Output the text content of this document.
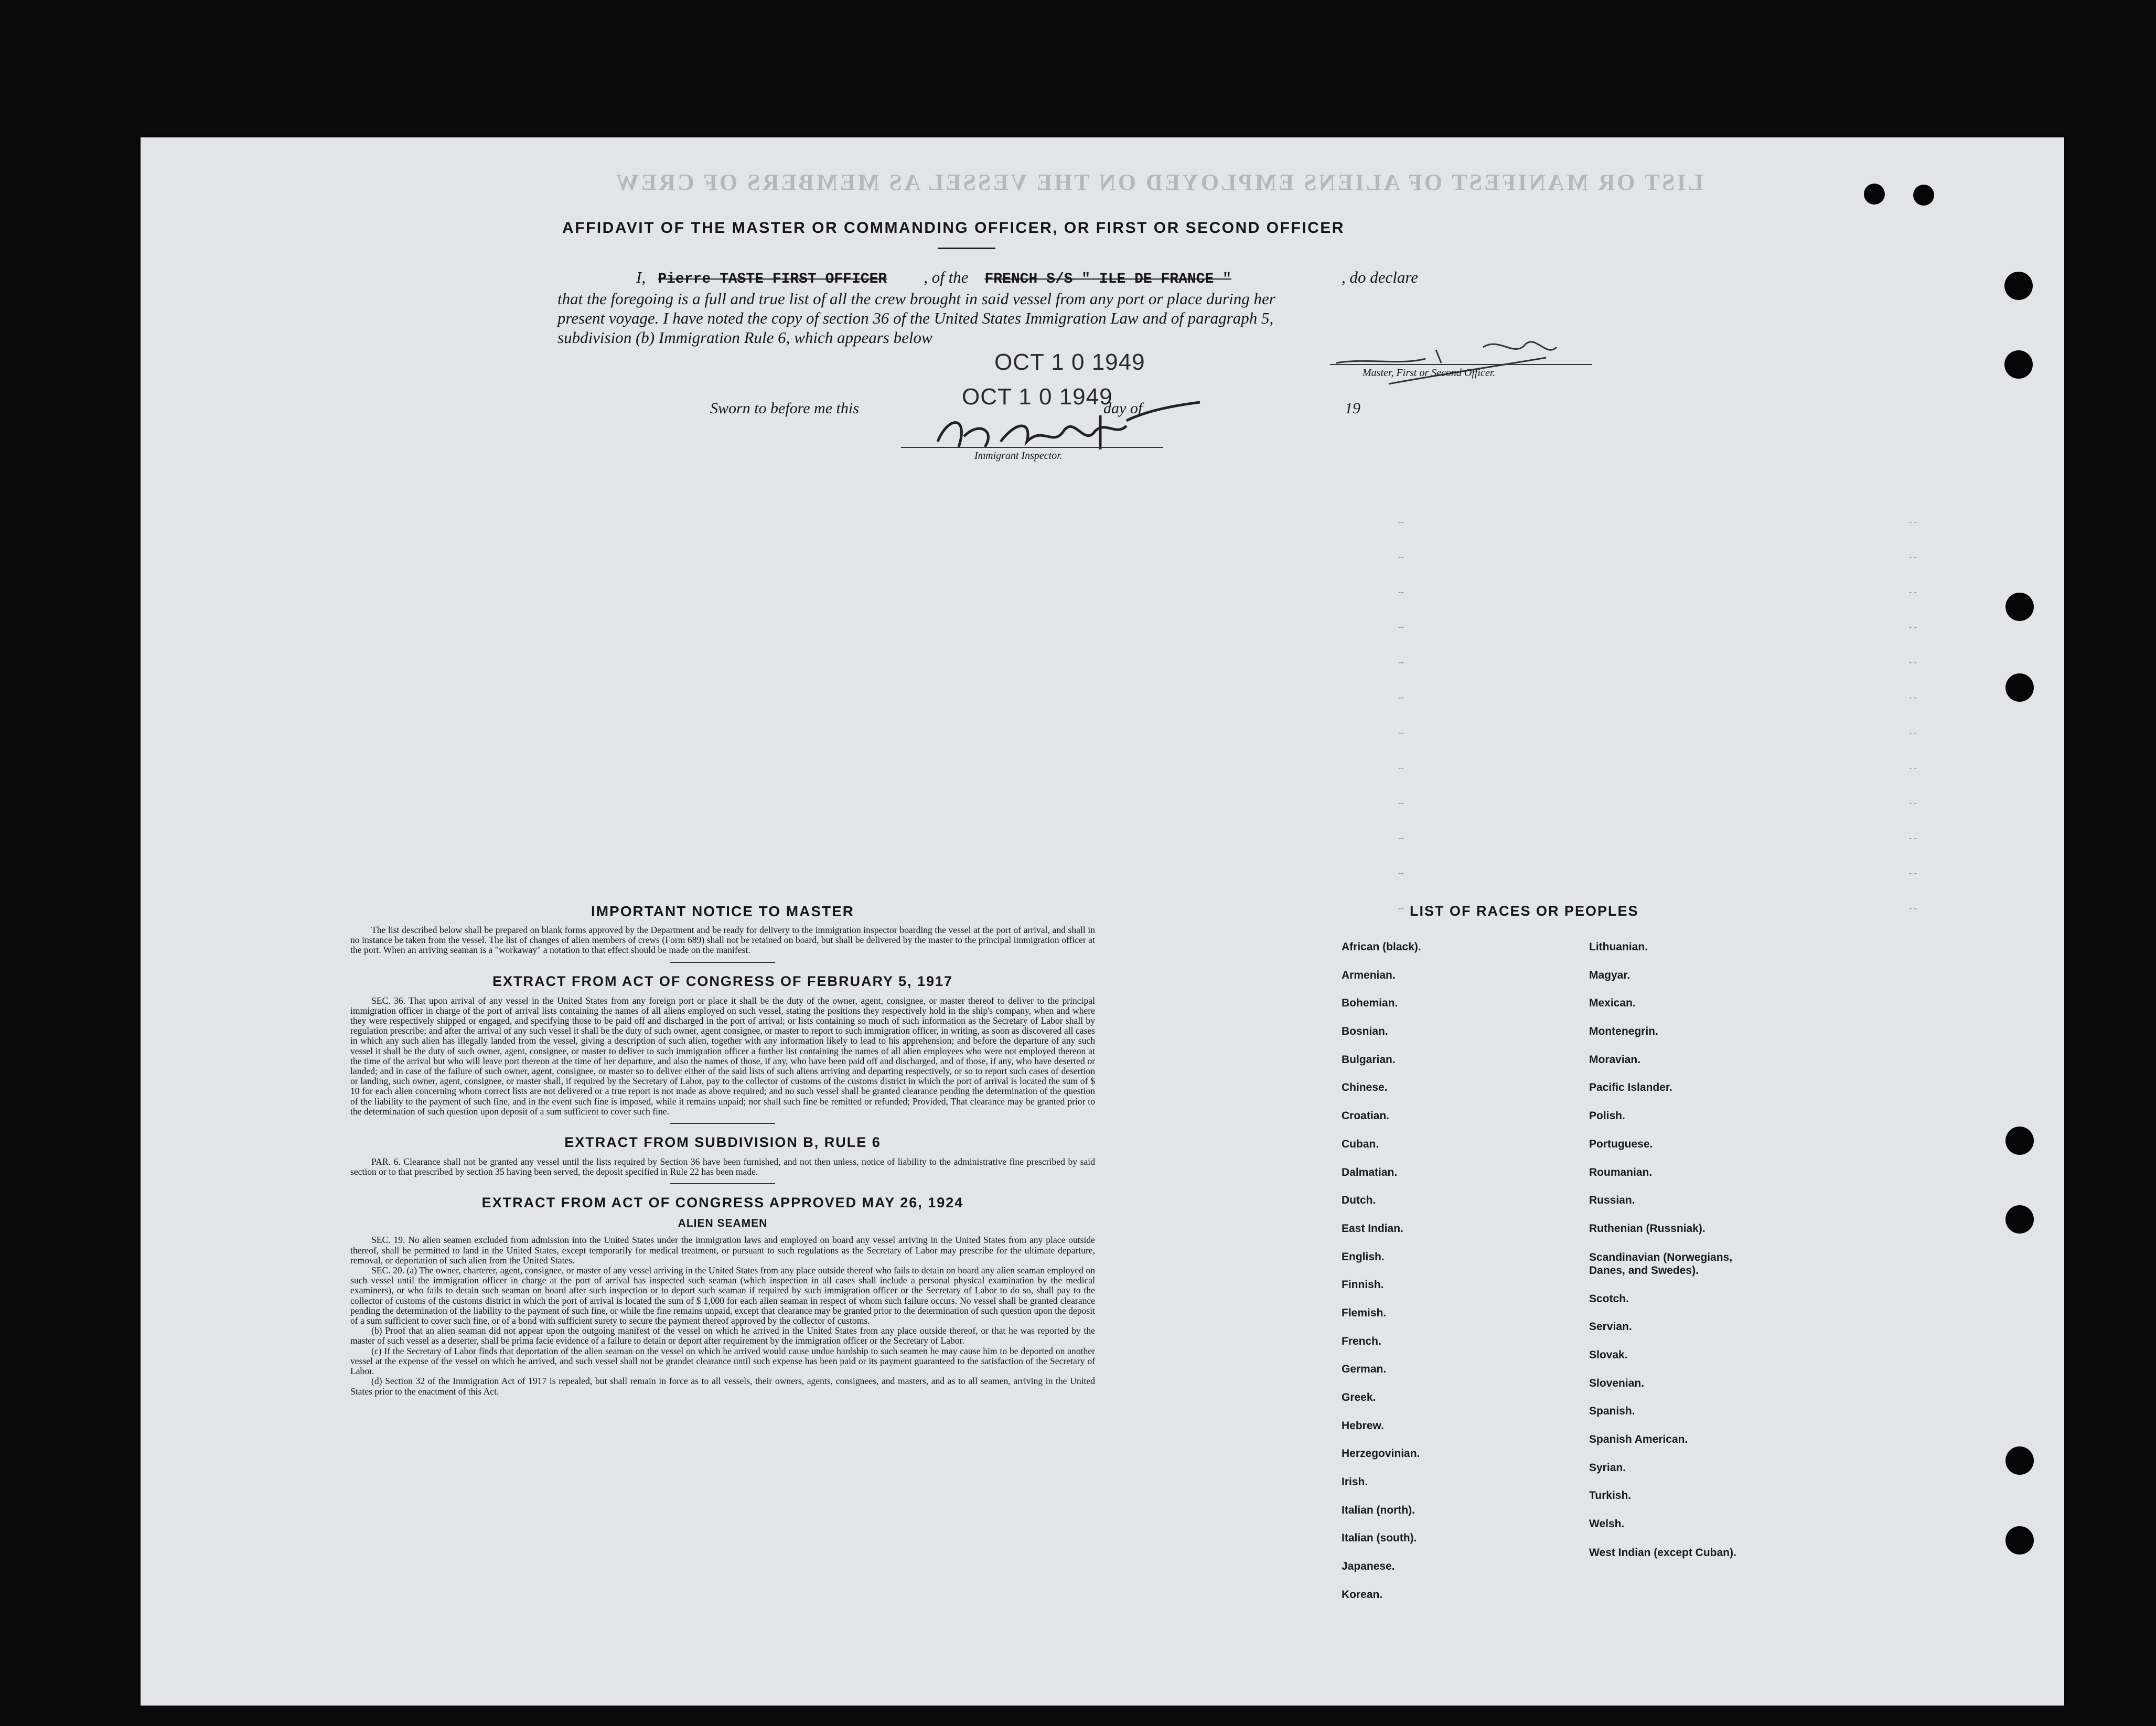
LIST OR MANIFEST OF ALIENS EMPLOYED ON THE VESSEL AS MEMBERS OF CREW
AFFIDAVIT OF THE MASTER OR COMMANDING OFFICER, OR FIRST OR SECOND OFFICER
I, Pierre TASTE FIRST OFFICER , of the FRENCH S/S " ILE DE FRANCE "	, do declare
that the foregoing is a full and true list of all the crew brought in said vessel from any port or place during her
present voyage. I have noted the copy of section 36 of the United States Immigration Law and of paragraph 5,
subdivision (b) Immigration Rule 6, which appears below
OCT 1 0 1949
OCT 1 0 1949
Master, First or Second Officer.
Sworn to before me this	day of	19
Immigrant Inspector.
--
--
--
--
--
--
--
--
--
--
--
--
- -
- -
- -
- -
- -
- -
- -
- -
- -
- -
- -
- -
IMPORTANT NOTICE TO MASTER

The list described below shall be prepared on blank forms approved by the Department and be ready for delivery to the immigration inspector boarding the vessel at the port of arrival, and shall in no instance be taken from the vessel. The list of changes of alien members of crews (Form 689) shall not be retained on board, but shall be delivered by the master to the principal immigration officer at the port. When an arriving seaman is a "workaway" a notation to that effect should be made on the manifest.

EXTRACT FROM ACT OF CONGRESS OF FEBRUARY 5, 1917

SEC. 36. That upon arrival of any vessel in the United States from any foreign port or place it shall be the duty of the owner, agent, consignee, or master thereof to deliver to the principal immigration officer in charge of the port of arrival lists containing the names of all aliens employed on such vessel, stating the positions they respectively hold in the ship's company, when and where they were respectively shipped or engaged, and specifying those to be paid off and discharged in the port of arrival; or lists containing so much of such information as the Secretary of Labor shall by regulation prescribe; and after the arrival of any such vessel it shall be the duty of such owner, agent consignee, or master to report to such immigration officer, in writing, as soon as discovered all cases in which any such alien has illegally landed from the vessel, giving a description of such alien, together with any information likely to lead to his apprehension; and before the departure of any such vessel it shall be the duty of such owner, agent, consignee, or master to deliver to such immigration officer a further list containing the names of all alien employees who were not employed thereon at the time of the arrival but who will leave port thereon at the time of her departure, and also the names of those, if any, who have been paid off and discharged, and of those, if any, who have deserted or landed; and in case of the failure of such owner, agent, consignee, or master so to deliver either of the said lists of such aliens arriving and departing respectively, or so to report such cases of desertion or landing, such owner, agent, consignee, or master shall, if required by the Secretary of Labor, pay to the collector of customs of the customs district in which the port of arrival is located the sum of $ 10 for each alien concerning whom correct lists are not delivered or a true report is not made as above required; and no such vessel shall be granted clearance pending the determination of the question of the liability to the payment of such fine, and in the event such fine is imposed, while it remains unpaid; nor shall such fine be remitted or refunded; Provided, That clearance may be granted prior to the determination of such question upon deposit of a sum sufficient to cover such fine.

EXTRACT FROM SUBDIVISION B, RULE 6

PAR. 6. Clearance shall not be granted any vessel until the lists required by Section 36 have been furnished, and not then unless, notice of liability to the administrative fine prescribed by said section or to that prescribed by section 35 having been served, the deposit specified in Rule 22 has been made.

EXTRACT FROM ACT OF CONGRESS APPROVED MAY 26, 1924
ALIEN SEAMEN

SEC. 19. No alien seamen excluded from admission into the United States under the immigration laws and employed on board any vessel arriving in the United States from any place outside thereof, shall be permitted to land in the United States, except temporarily for medical treatment, or pursuant to such regulations as the Secretary of Labor may prescribe for the ultimate departure, removal, or deportation of such alien from the United States.

SEC. 20. (a) The owner, charterer, agent, consignee, or master of any vessel arriving in the United States from any place outside thereof who fails to detain on board any alien seaman employed on such vessel until the immigration officer in charge at the port of arrival has inspected such seaman (which inspection in all cases shall include a personal physical examination by the medical examiners), or who fails to detain such seaman on board after such inspection or to deport such seaman if required by such immigration officer or the Secretary of Labor to do so, shall pay to the collector of customs of the customs district in which the port of arrival is located the sum of $ 1,000 for each alien seaman in respect of whom such failure occurs. No vessel shall be granted clearance pending the determination of the liability to the payment of such fine, or while the fine remains unpaid, except that clearance may be granted prior to the determination of such question upon the deposit of a sum sufficient to cover such fine, or of a bond with sufficient surety to secure the payment thereof approved by the collector of customs.

(b) Proof that an alien seaman did not appear upon the outgoing manifest of the vessel on which he arrived in the United States from any place outside thereof, or that he was reported by the master of such vessel as a deserter, shall be prima facie evidence of a failure to detain or deport after requirement by the immigration officer or the Secretary of Labor.

(c) If the Secretary of Labor finds that deportation of the alien seaman on the vessel on which he arrived would cause undue hardship to such seamen he may cause him to be deported on another vessel at the expense of the vessel on which he arrived, and such vessel shall not be grandet clearance until such expense has been paid or its payment guaranteed to the satisfaction of the Secretary of Labor.

(d) Section 32 of the Immigration Act of 1917 is repealed, but shall remain in force as to all vessels, their owners, agents, consignees, and masters, and as to all seamen, arriving in the United States prior to the enactment of this Act.

LIST OF RACES OR PEOPLES
African (black).
Armenian.
Bohemian.
Bosnian.
Bulgarian.
Chinese.
Croatian.
Cuban.
Dalmatian.
Dutch.
East Indian.
English.
Finnish.
Flemish.
French.
German.
Greek.
Hebrew.
Herzegovinian.
Irish.
Italian (north).
Italian (south).
Japanese.
Korean.
Lithuanian.
Magyar.
Mexican.
Montenegrin.
Moravian.
Pacific Islander.
Polish.
Portuguese.
Roumanian.
Russian.
Ruthenian (Russniak).
Scandinavian (Norwegians, Danes, and Swedes).
Scotch.
Servian.
Slovak.
Slovenian.
Spanish.
Spanish American.
Syrian.
Turkish.
Welsh.
West Indian (except Cuban).
